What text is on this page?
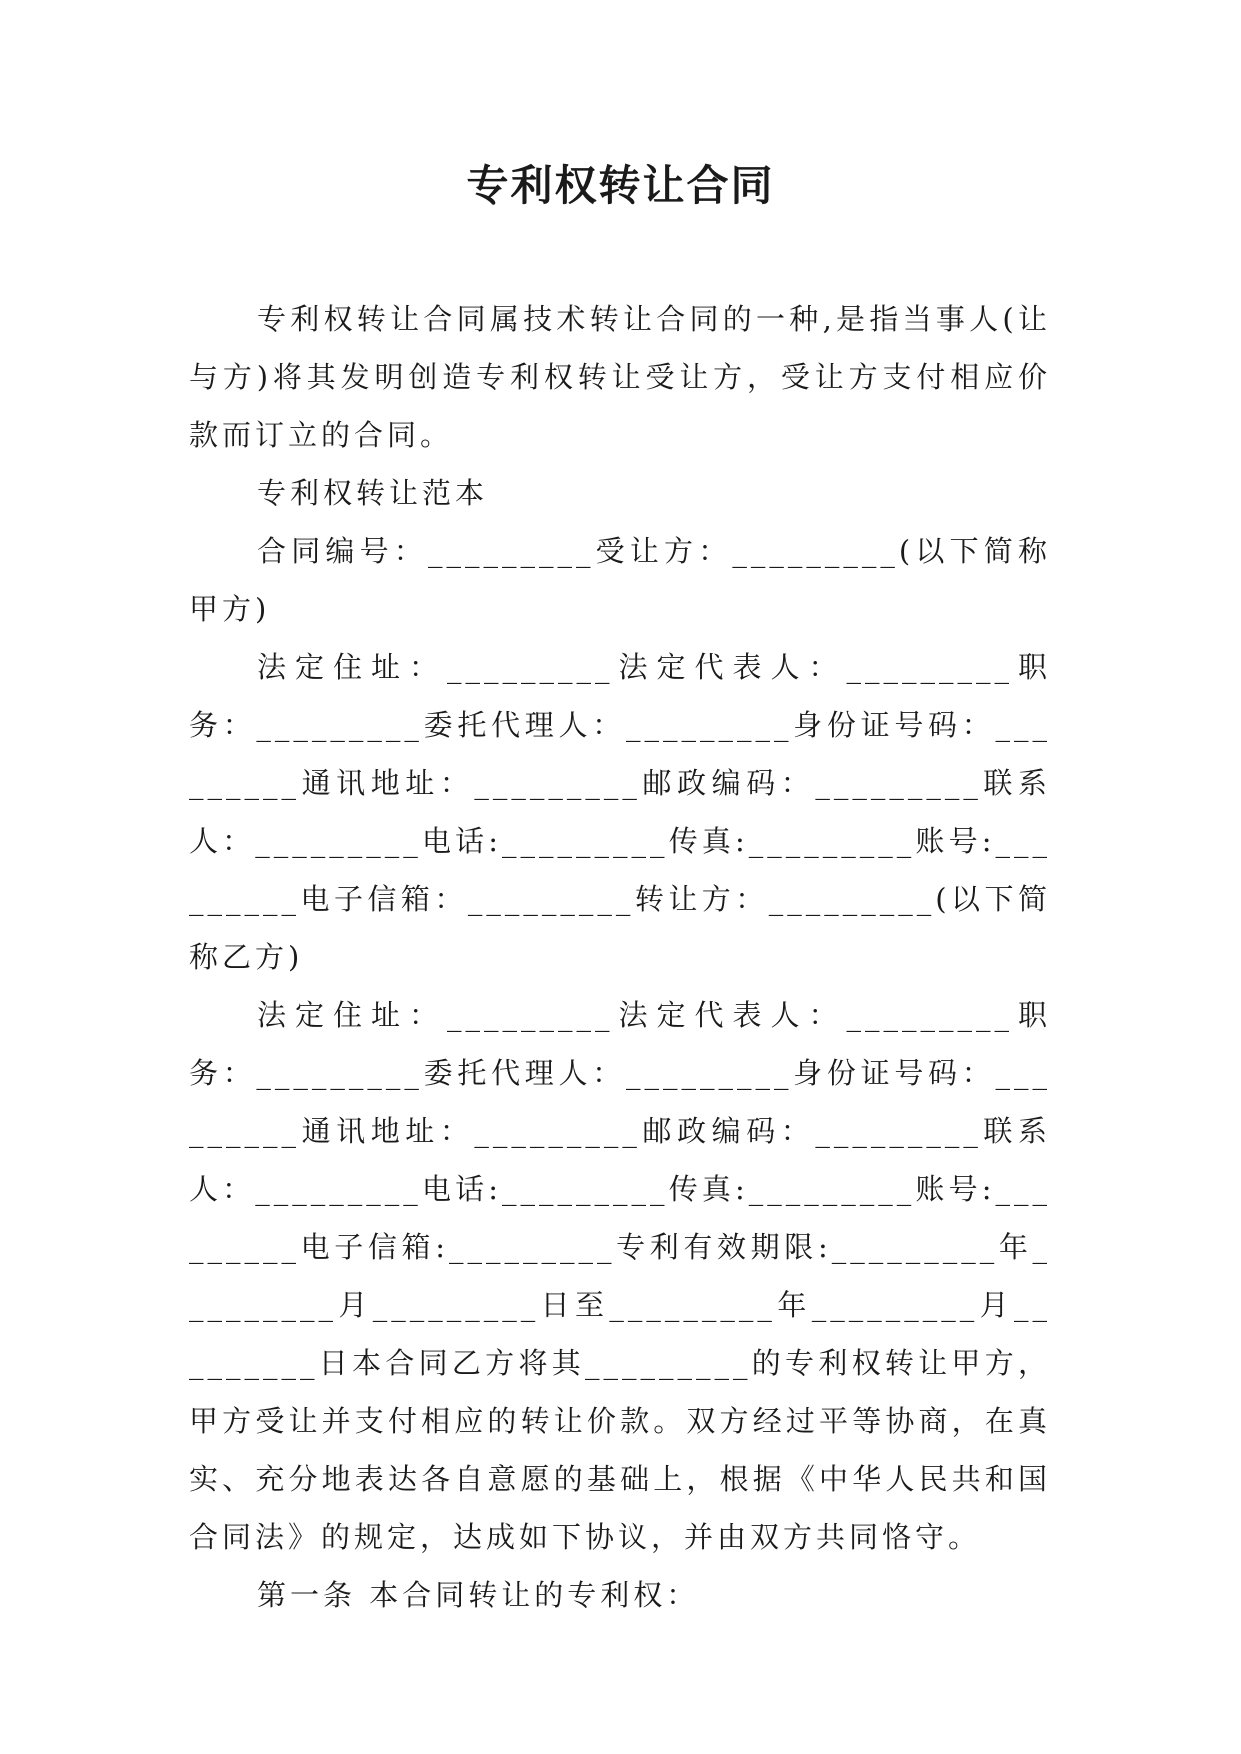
专利权转让合同

专利权转让合同属技术转让合同的一种,是指当事人(让与方)将其发明创造专利权转让受让方，受让方支付相应价款而订立的合同。

专利权转让范本

合同编号：_________受让方：_________(以下简称甲方)

法定住址：_________法定代表人：_________职务：_________委托代理人：_________身份证号码：_________通讯地址：_________邮政编码：_________联系人：_________电话:_________传真:_________账号:_________电子信箱：_________转让方：_________(以下简称乙方)

法定住址：_________法定代表人：_________职务：_________委托代理人：_________身份证号码：_________通讯地址：_________邮政编码：_________联系人：_________电话:_________传真:_________账号:_________电子信箱:_________专利有效期限:_________年_________月_________日至_________年_________月_________日本合同乙方将其_________的专利权转让甲方，甲方受让并支付相应的转让价款。双方经过平等协商，在真实、充分地表达各自意愿的基础上，根据《中华人民共和国合同法》的规定，达成如下协议，并由双方共同恪守。

第一条 本合同转让的专利权：
